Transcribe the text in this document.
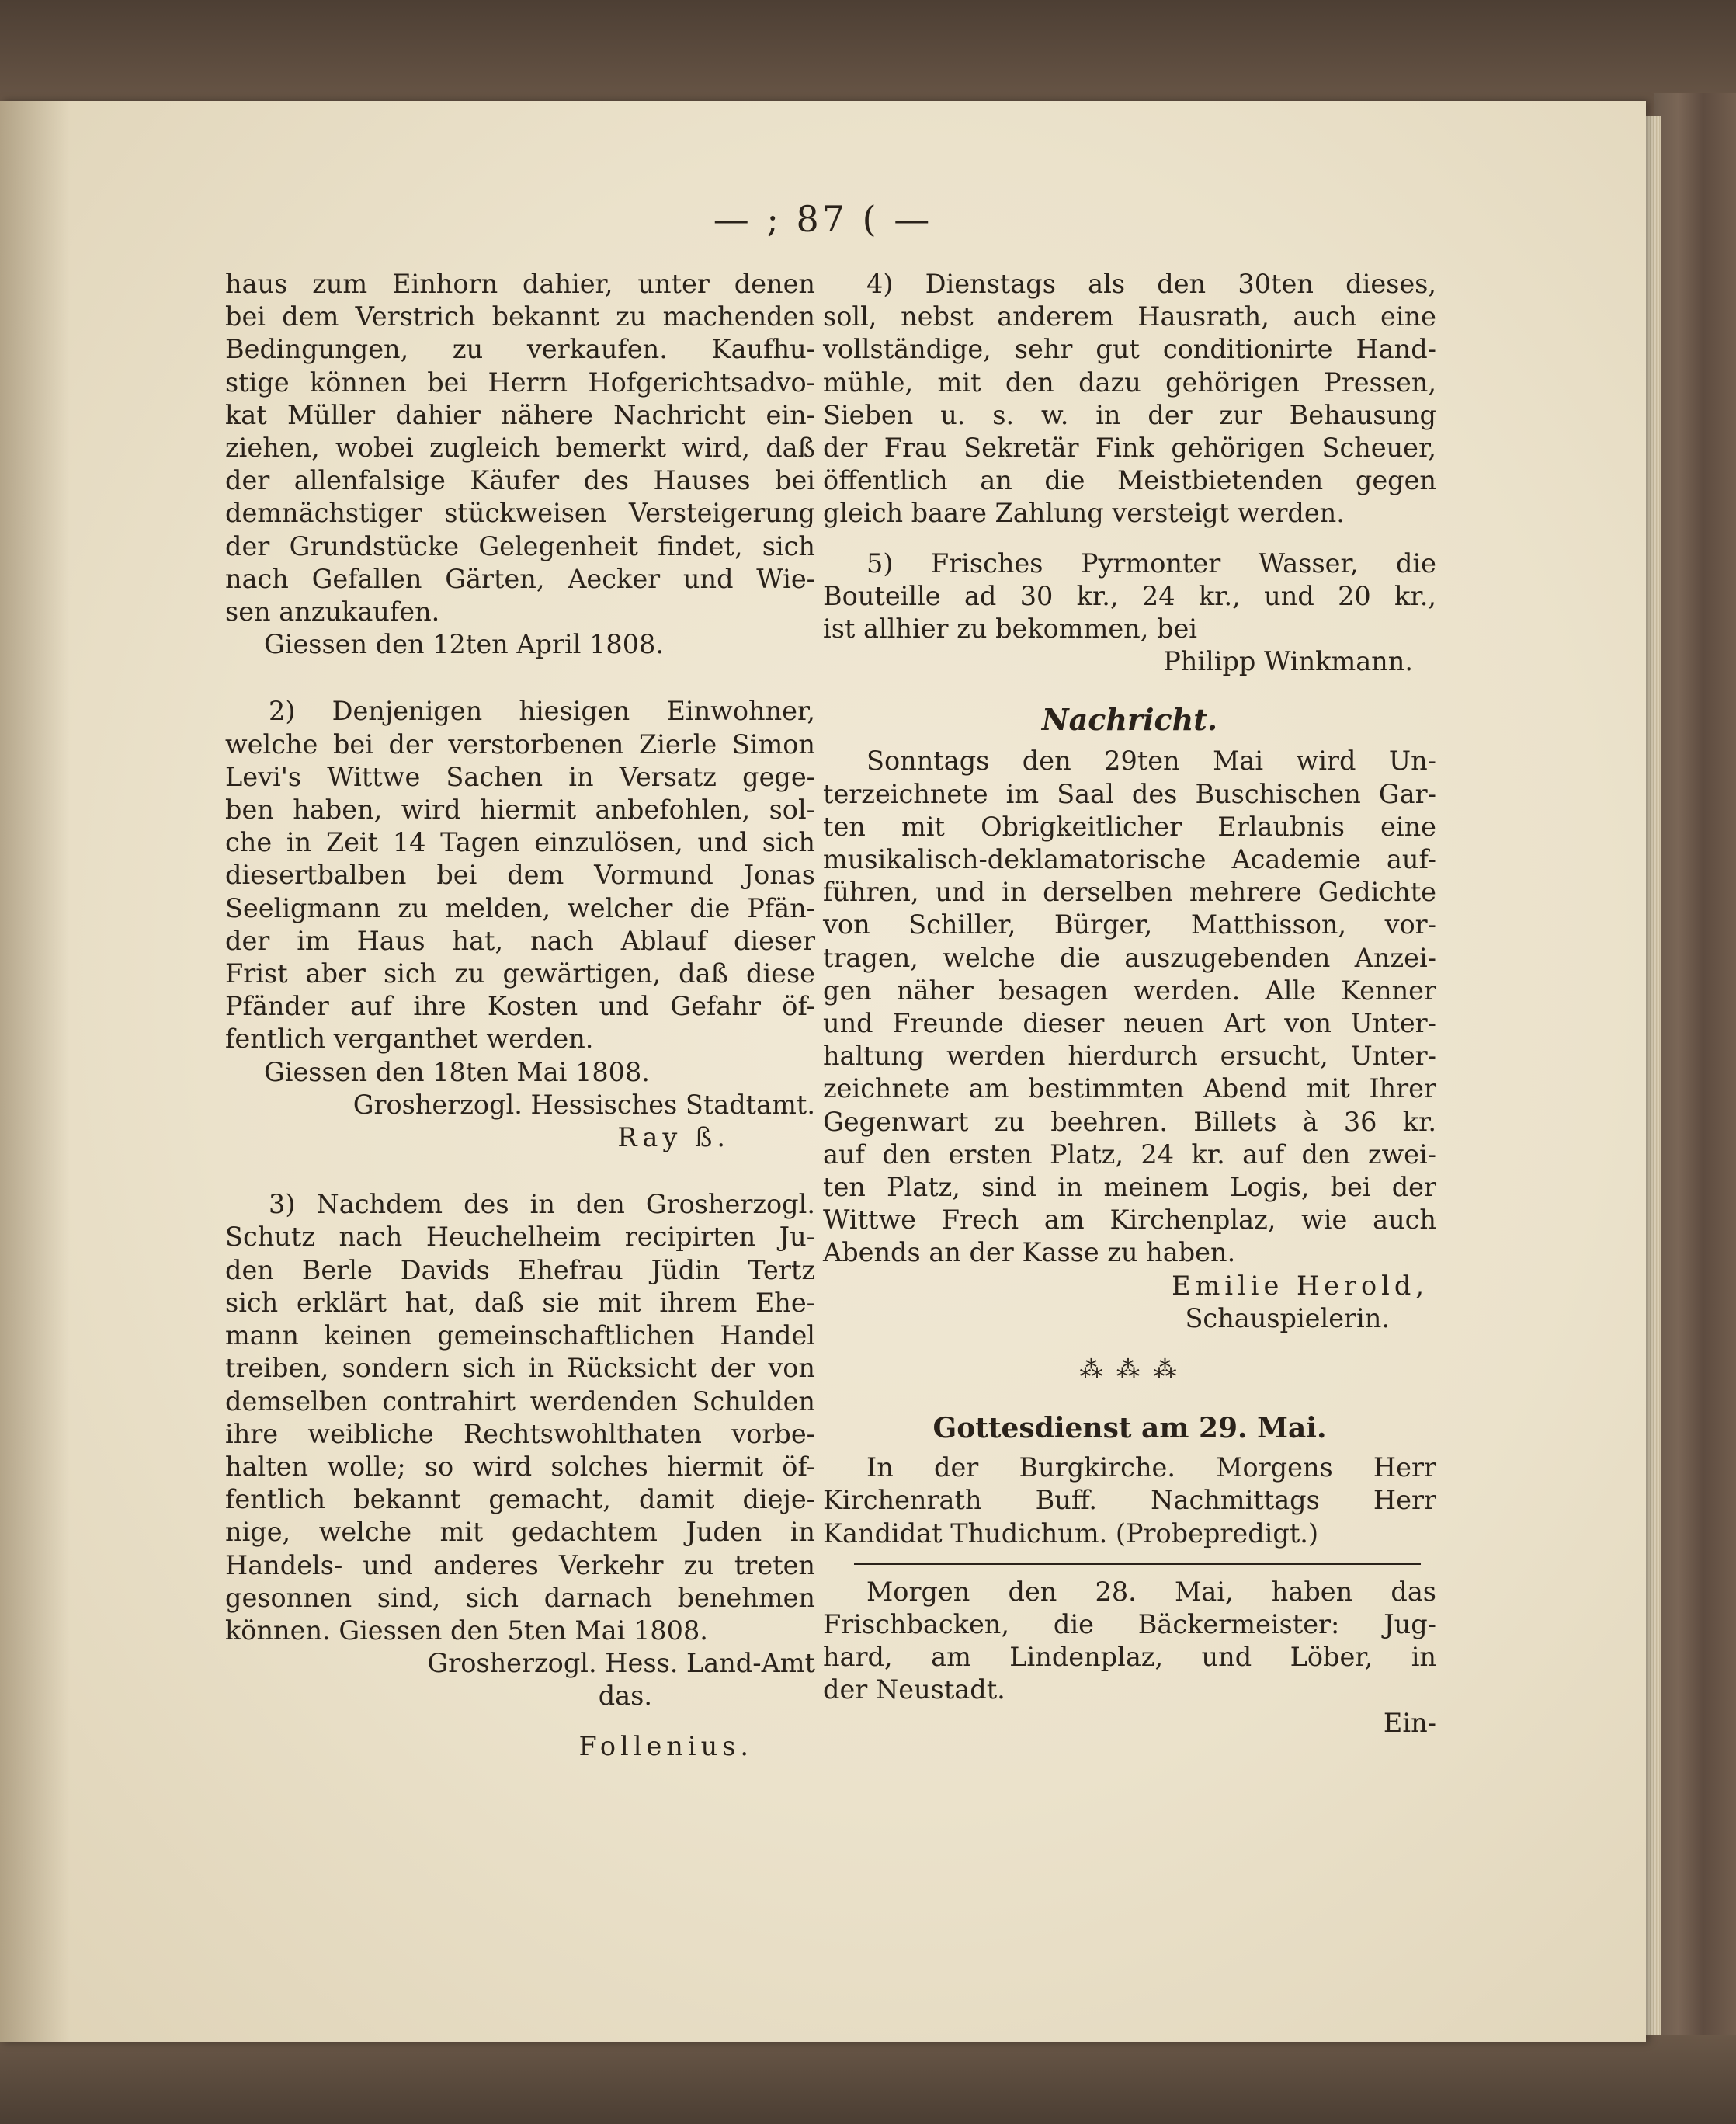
— ; 87 ( —
haus zum Einhorn dahier, unter denen
bei dem Verstrich bekannt zu machenden
Bedingungen, zu verkaufen. Kaufhu-
stige können bei Herrn Hofgerichtsadvo-
kat Müller dahier nähere Nachricht ein-
ziehen, wobei zugleich bemerkt wird, daß
der allenfalsige Käufer des Hauses bei
demnächstiger stückweisen Versteigerung
der Grundstücke Gelegenheit findet, sich
nach Gefallen Gärten, Aecker und Wie-
sen anzukaufen.
Giessen den 12ten April 1808.
2) Denjenigen hiesigen Einwohner,
welche bei der verstorbenen Zierle Simon
Levi's Wittwe Sachen in Versatz gege-
ben haben, wird hiermit anbefohlen, sol-
che in Zeit 14 Tagen einzulösen, und sich
diesertbalben bei dem Vormund Jonas
Seeligmann zu melden, welcher die Pfän-
der im Haus hat, nach Ablauf dieser
Frist aber sich zu gewärtigen, daß diese
Pfänder auf ihre Kosten und Gefahr öf-
fentlich verganthet werden.
Giessen den 18ten Mai 1808.
Grosherzogl. Hessisches Stadtamt.
Ray ß.
3) Nachdem des in den Grosherzogl.
Schutz nach Heuchelheim recipirten Ju-
den Berle Davids Ehefrau Jüdin Tertz
sich erklärt hat, daß sie mit ihrem Ehe-
mann keinen gemeinschaftlichen Handel
treiben, sondern sich in Rücksicht der von
demselben contrahirt werdenden Schulden
ihre weibliche Rechtswohlthaten vorbe-
halten wolle; so wird solches hiermit öf-
fentlich bekannt gemacht, damit dieje-
nige, welche mit gedachtem Juden in
Handels- und anderes Verkehr zu treten
gesonnen sind, sich darnach benehmen
können. Giessen den 5ten Mai 1808.
Grosherzogl. Hess. Land-Amt
das.
Follenius.
4) Dienstags als den 30ten dieses,
soll, nebst anderem Hausrath, auch eine
vollständige, sehr gut conditionirte Hand-
mühle, mit den dazu gehörigen Pressen,
Sieben u. s. w. in der zur Behausung
der Frau Sekretär Fink gehörigen Scheuer,
öffentlich an die Meistbietenden gegen
gleich baare Zahlung versteigt werden.
5) Frisches Pyrmonter Wasser, die
Bouteille ad 30 kr., 24 kr., und 20 kr.,
ist allhier zu bekommen, bei
Philipp Winkmann.
Nachricht.
Sonntags den 29ten Mai wird Un-
terzeichnete im Saal des Buschischen Gar-
ten mit Obrigkeitlicher Erlaubnis eine
musikalisch-deklamatorische Academie auf-
führen, und in derselben mehrere Gedichte
von Schiller, Bürger, Matthisson, vor-
tragen, welche die auszugebenden Anzei-
gen näher besagen werden. Alle Kenner
und Freunde dieser neuen Art von Unter-
haltung werden hierdurch ersucht, Unter-
zeichnete am bestimmten Abend mit Ihrer
Gegenwart zu beehren. Billets à 36 kr.
auf den ersten Platz, 24 kr. auf den zwei-
ten Platz, sind in meinem Logis, bei der
Wittwe Frech am Kirchenplaz, wie auch
Abends an der Kasse zu haben.
Emilie Herold,
Schauspielerin.
⁂ ⁂ ⁂
Gottesdienst am 29. Mai.
In der Burgkirche. Morgens Herr
Kirchenrath Buff. Nachmittags Herr
Kandidat Thudichum. (Probepredigt.)
Morgen den 28. Mai, haben das
Frischbacken, die Bäckermeister: Jug-
hard, am Lindenplaz, und Löber, in
der Neustadt.
Ein-
